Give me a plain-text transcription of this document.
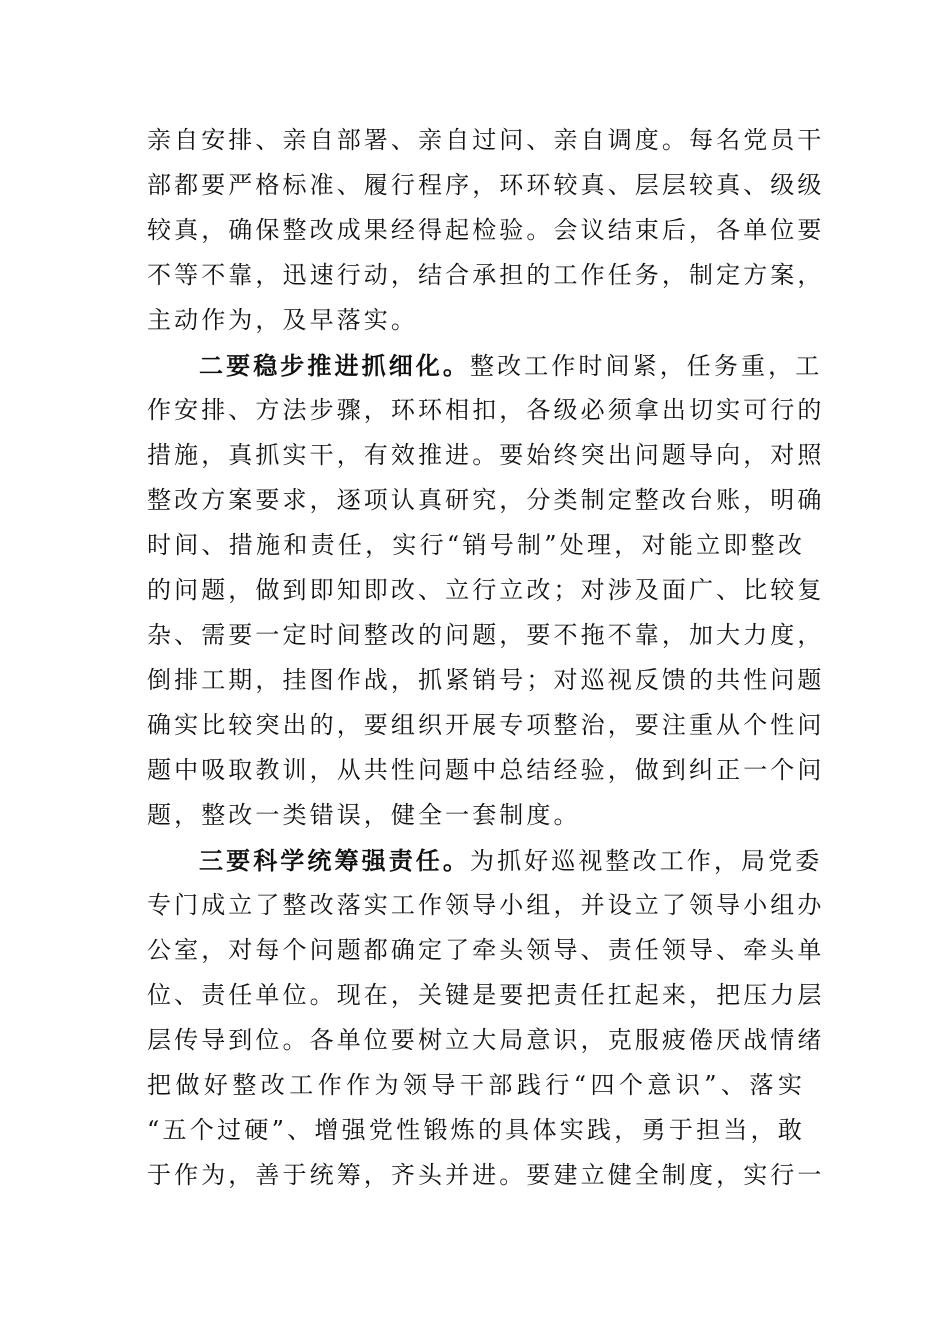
亲自安排、亲自部署、亲自过问、亲自调度。每名党员干
部都要严格标准、履行程序，环环较真、层层较真、级级
较真，确保整改成果经得起检验。会议结束后，各单位要
不等不靠，迅速行动，结合承担的工作任务，制定方案，
主动作为，及早落实。
二要稳步推进抓细化。整改工作时间紧，任务重，工
作安排、方法步骤，环环相扣，各级必须拿出切实可行的
措施，真抓实干，有效推进。要始终突出问题导向，对照
整改方案要求，逐项认真研究，分类制定整改台账，明确
时间、措施和责任，实行“销号制”处理，对能立即整改
的问题，做到即知即改、立行立改；对涉及面广、比较复
杂、需要一定时间整改的问题，要不拖不靠，加大力度，
倒排工期，挂图作战，抓紧销号；对巡视反馈的共性问题
确实比较突出的，要组织开展专项整治，要注重从个性问
题中吸取教训，从共性问题中总结经验，做到纠正一个问
题，整改一类错误，健全一套制度。
三要科学统筹强责任。为抓好巡视整改工作，局党委
专门成立了整改落实工作领导小组，并设立了领导小组办
公室，对每个问题都确定了牵头领导、责任领导、牵头单
位、责任单位。现在，关键是要把责任扛起来，把压力层
层传导到位。各单位要树立大局意识，克服疲倦厌战情绪
把做好整改工作作为领导干部践行“四个意识”、落实
“五个过硬”、增强党性锻炼的具体实践，勇于担当，敢
于作为，善于统筹，齐头并进。要建立健全制度，实行一
